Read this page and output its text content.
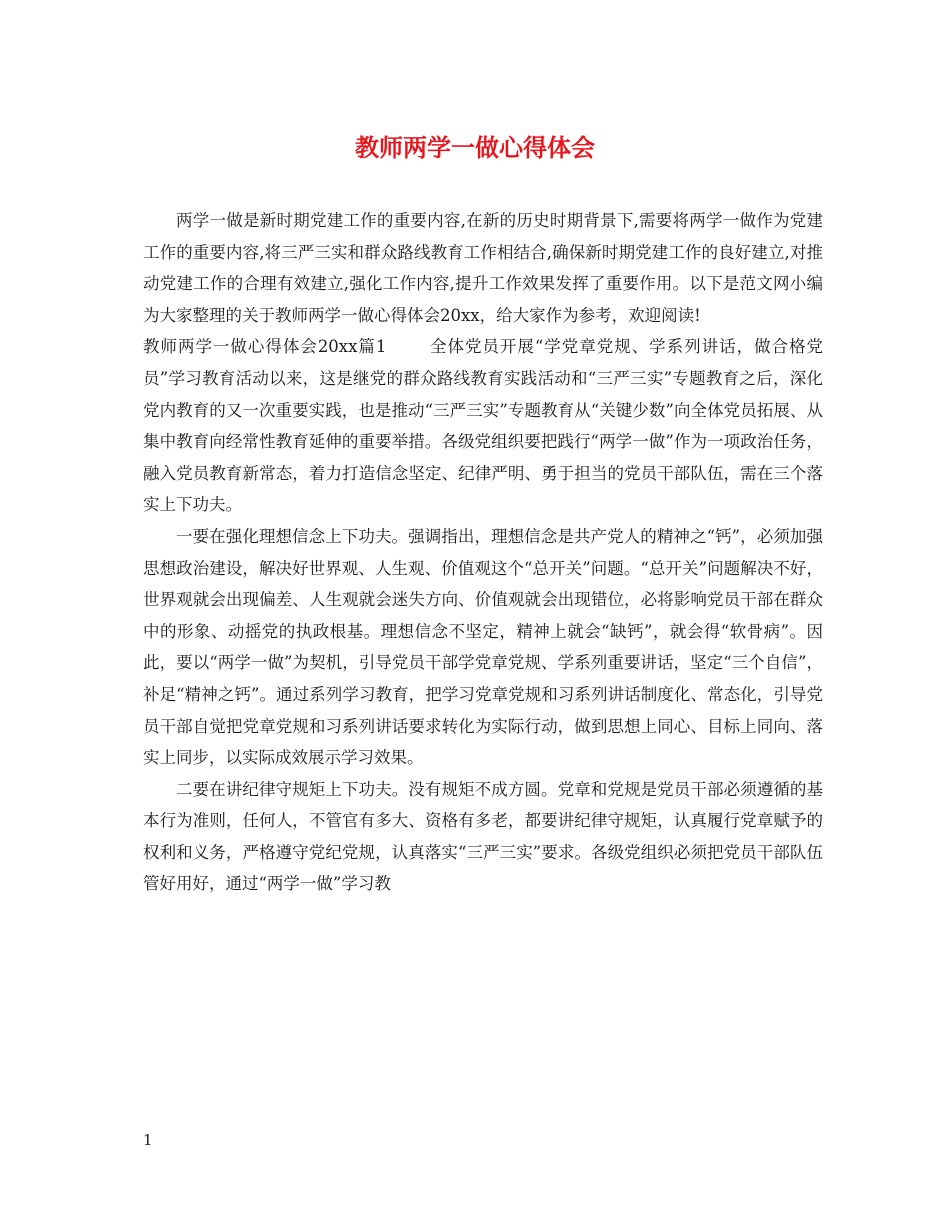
教师两学一做心得体会

两学一做是新时期党建工作的重要内容,在新的历史时期背景下,需要将两学一做作为党建工作的重要内容,将三严三实和群众路线教育工作相结合,确保新时期党建工作的良好建立,对推动党建工作的合理有效建立,强化工作内容,提升工作效果发挥了重要作用。以下是范文网小编为大家整理的关于教师两学一做心得体会20xx，给大家作为参考，欢迎阅读!

教师两学一做心得体会20xx篇1	全体党员开展“学党章党规、学系列讲话，做合格党员”学习教育活动以来，这是继党的群众路线教育实践活动和“三严三实”专题教育之后，深化党内教育的又一次重要实践，也是推动“三严三实”专题教育从“关键少数”向全体党员拓展、从集中教育向经常性教育延伸的重要举措。各级党组织要把践行“两学一做”作为一项政治任务，融入党员教育新常态，着力打造信念坚定、纪律严明、勇于担当的党员干部队伍，需在三个落实上下功夫。

一要在强化理想信念上下功夫。强调指出，理想信念是共产党人的精神之“钙”，必须加强思想政治建设，解决好世界观、人生观、价值观这个“总开关”问题。“总开关”问题解决不好，世界观就会出现偏差、人生观就会迷失方向、价值观就会出现错位，必将影响党员干部在群众中的形象、动摇党的执政根基。理想信念不坚定，精神上就会“缺钙”，就会得“软骨病”。因此，要以“两学一做”为契机，引导党员干部学党章党规、学系列重要讲话，坚定“三个自信”，补足“精神之钙”。通过系列学习教育，把学习党章党规和习系列讲话制度化、常态化，引导党员干部自觉把党章党规和习系列讲话要求转化为实际行动，做到思想上同心、目标上同向、落实上同步，以实际成效展示学习效果。

二要在讲纪律守规矩上下功夫。没有规矩不成方圆。党章和党规是党员干部必须遵循的基本行为准则，任何人，不管官有多大、资格有多老，都要讲纪律守规矩，认真履行党章赋予的权利和义务，严格遵守党纪党规，认真落实“三严三实”要求。各级党组织必须把党员干部队伍管好用好，通过“两学一做”学习教

1
